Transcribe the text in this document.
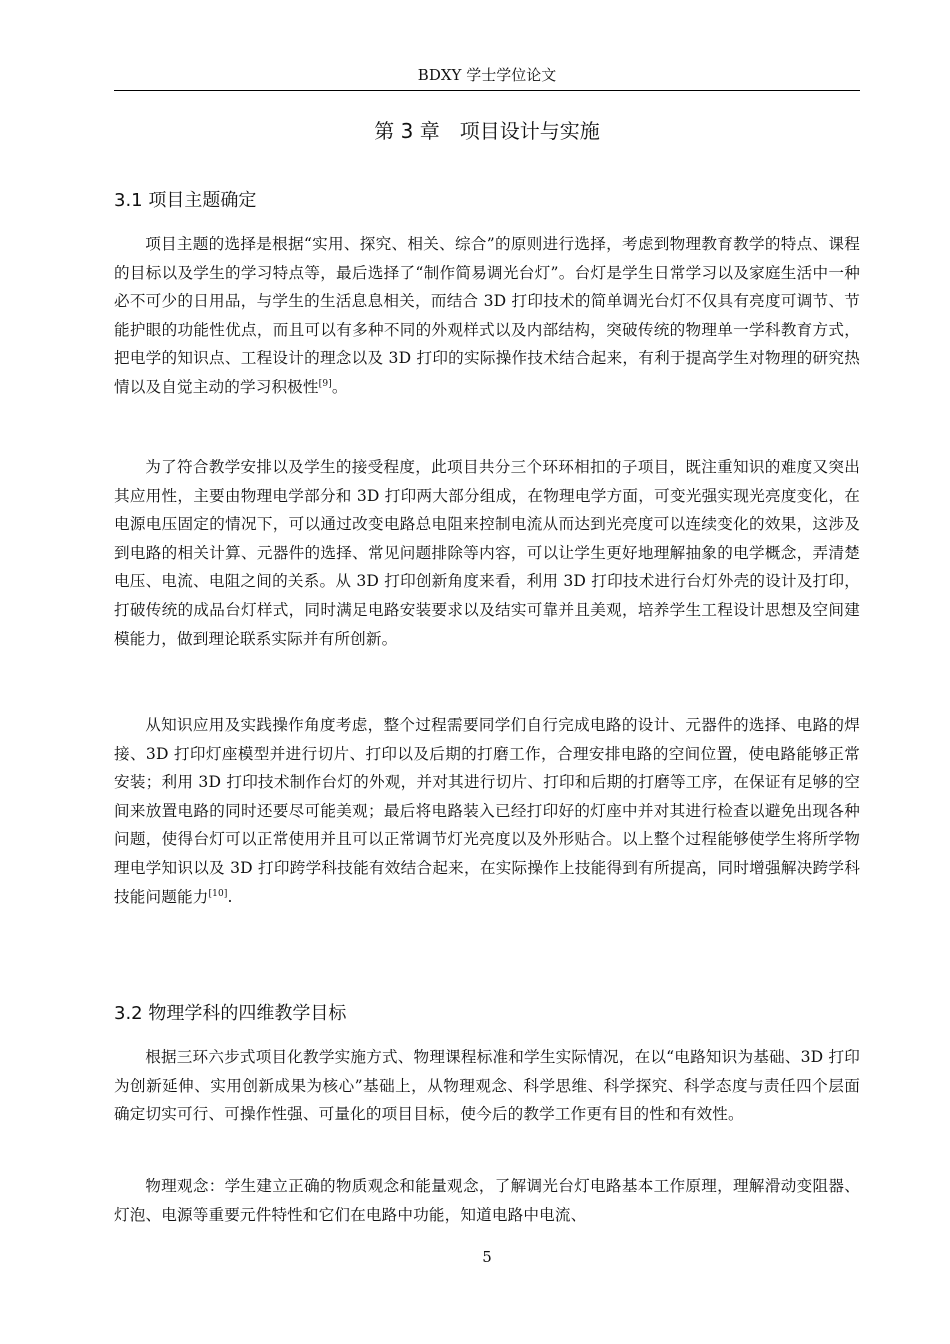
BDXY 学士学位论文
第 3 章　项目设计与实施
3.1 项目主题确定

项目主题的选择是根据“实用、探究、相关、综合”的原则进行选择，考虑到物理教育教学的特点、课程的目标以及学生的学习特点等，最后选择了“制作简易调光台灯”。台灯是学生日常学习以及家庭生活中一种必不可少的日用品，与学生的生活息息相关，而结合 3D 打印技术的简单调光台灯不仅具有亮度可调节、节能护眼的功能性优点，而且可以有多种不同的外观样式以及内部结构，突破传统的物理单一学科教育方式，把电学的知识点、工程设计的理念以及 3D 打印的实际操作技术结合起来，有利于提高学生对物理的研究热情以及自觉主动的学习积极性[9]。

为了符合教学安排以及学生的接受程度，此项目共分三个环环相扣的子项目，既注重知识的难度又突出其应用性，主要由物理电学部分和 3D 打印两大部分组成，在物理电学方面，可变光强实现光亮度变化，在电源电压固定的情况下，可以通过改变电路总电阻来控制电流从而达到光亮度可以连续变化的效果，这涉及到电路的相关计算、元器件的选择、常见问题排除等内容，可以让学生更好地理解抽象的电学概念，弄清楚电压、电流、电阻之间的关系。从 3D 打印创新角度来看，利用 3D 打印技术进行台灯外壳的设计及打印，打破传统的成品台灯样式，同时满足电路安装要求以及结实可靠并且美观，培养学生工程设计思想及空间建模能力，做到理论联系实际并有所创新。

从知识应用及实践操作角度考虑，整个过程需要同学们自行完成电路的设计、元器件的选择、电路的焊接、3D 打印灯座模型并进行切片、打印以及后期的打磨工作，合理安排电路的空间位置，使电路能够正常安装；利用 3D 打印技术制作台灯的外观，并对其进行切片、打印和后期的打磨等工序，在保证有足够的空间来放置电路的同时还要尽可能美观；最后将电路装入已经打印好的灯座中并对其进行检查以避免出现各种问题，使得台灯可以正常使用并且可以正常调节灯光亮度以及外形贴合。以上整个过程能够使学生将所学物理电学知识以及 3D 打印跨学科技能有效结合起来，在实际操作上技能得到有所提高，同时增强解决跨学科技能问题能力[10].

3.2 物理学科的四维教学目标

根据三环六步式项目化教学实施方式、物理课程标准和学生实际情况，在以“电路知识为基础、3D 打印为创新延伸、实用创新成果为核心”基础上，从物理观念、科学思维、科学探究、科学态度与责任四个层面确定切实可行、可操作性强、可量化的项目目标，使今后的教学工作更有目的性和有效性。

物理观念：学生建立正确的物质观念和能量观念，了解调光台灯电路基本工作原理，理解滑动变阻器、灯泡、电源等重要元件特性和它们在电路中功能，知道电路中电流、

5
